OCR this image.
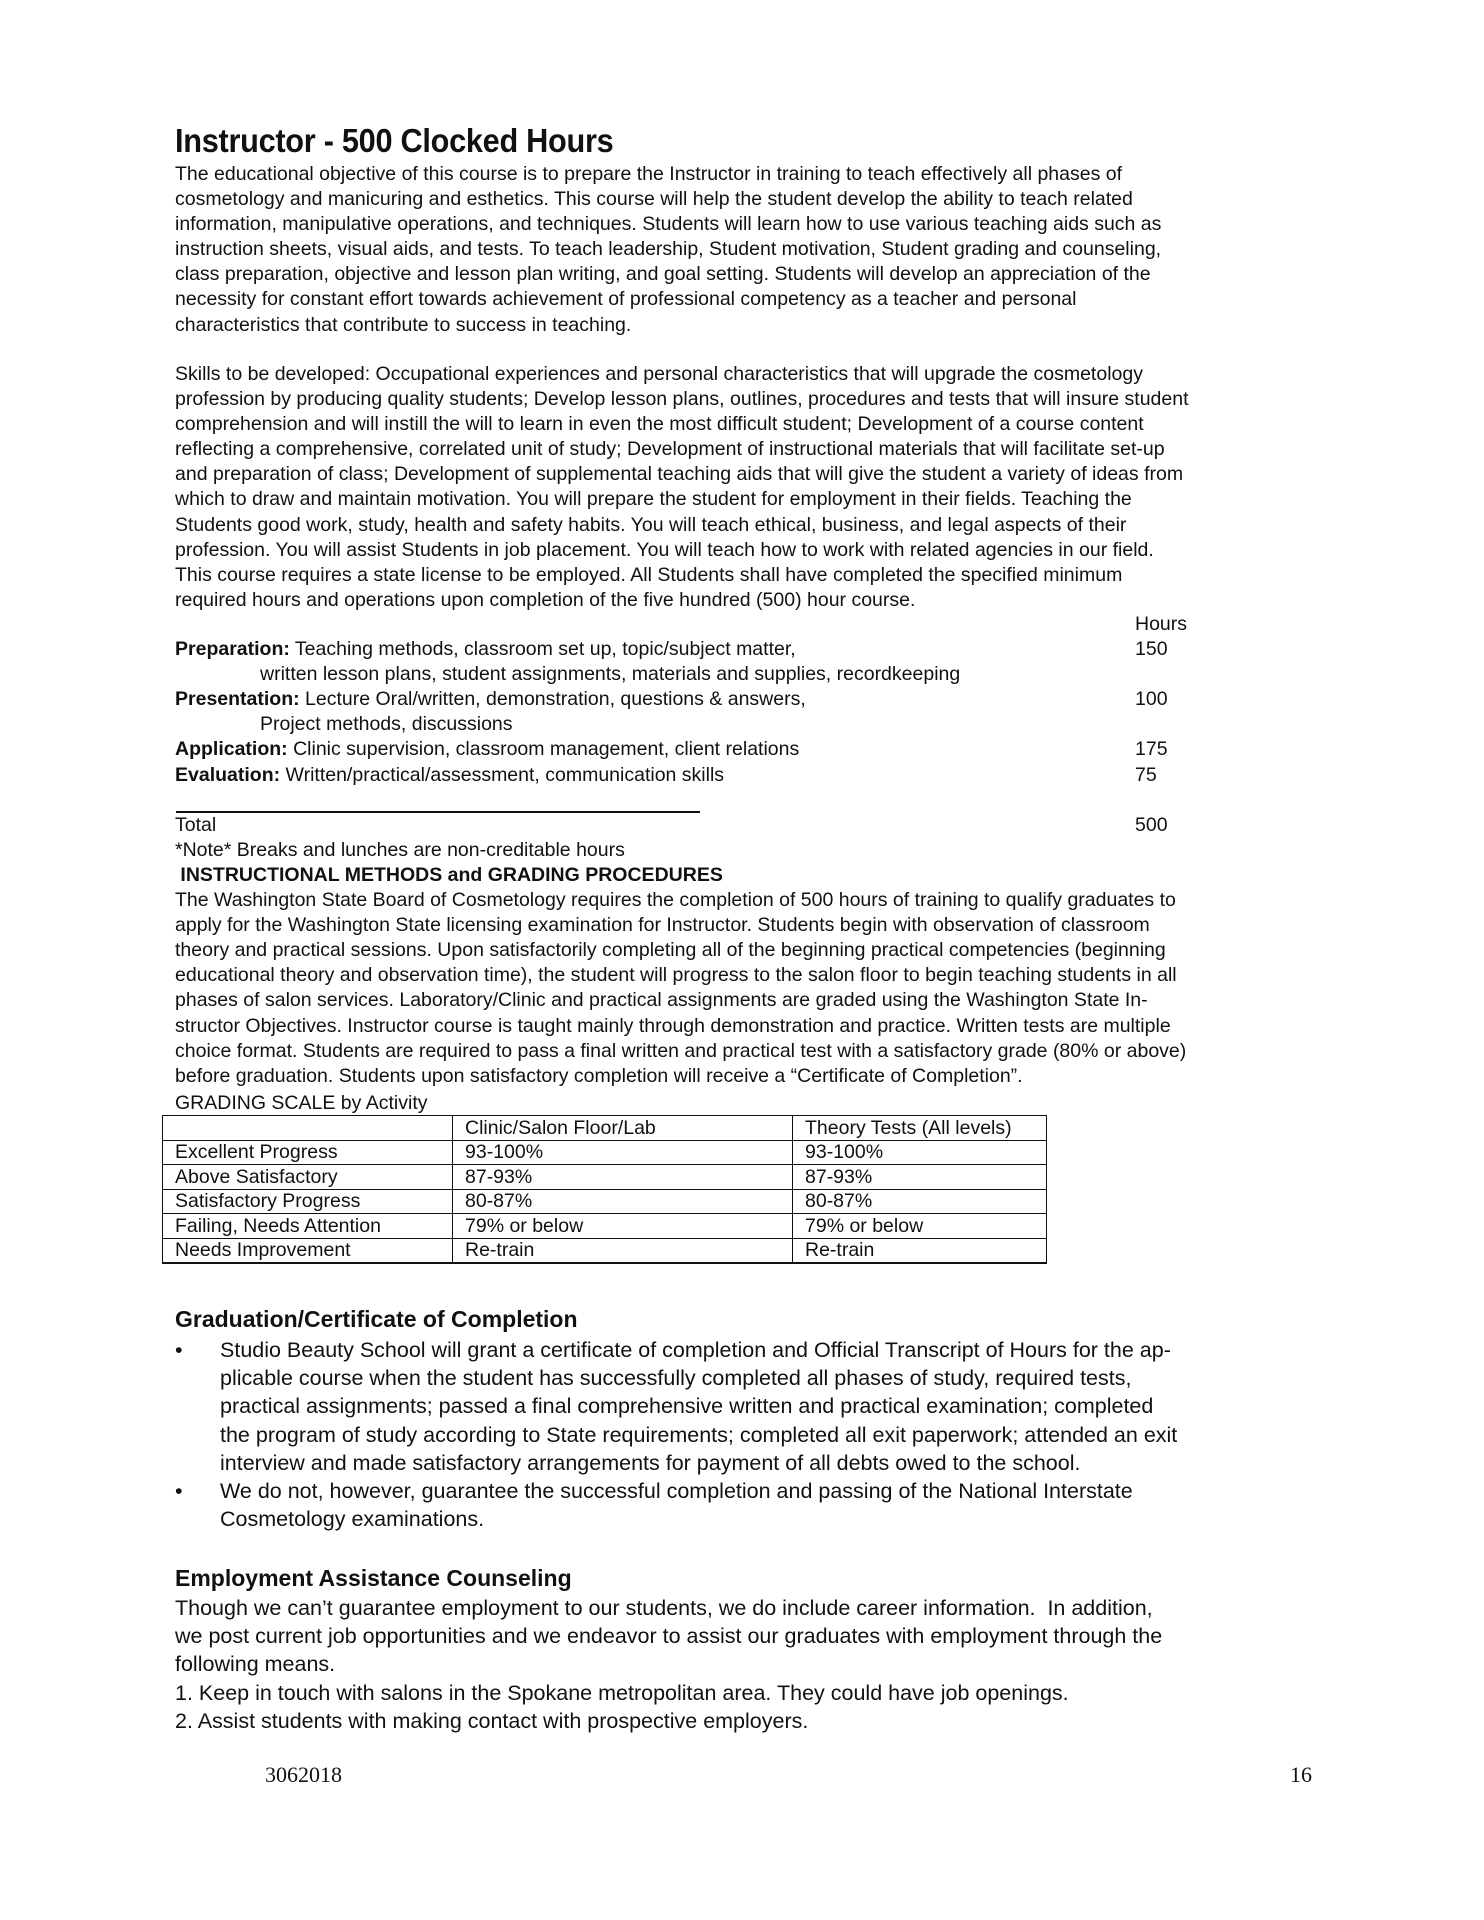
Instructor - 500 Clocked Hours
The educational objective of this course is to prepare the Instructor in training to teach effectively all phases of
cosmetology and manicuring and esthetics. This course will help the student develop the ability to teach related
information, manipulative operations, and techniques. Students will learn how to use various teaching aids such as
instruction sheets, visual aids, and tests. To teach leadership, Student motivation, Student grading and counseling,
class preparation, objective and lesson plan writing, and goal setting. Students will develop an appreciation of the
necessity for constant effort towards achievement of professional competency as a teacher and personal
characteristics that contribute to success in teaching.
Skills to be developed: Occupational experiences and personal characteristics that will upgrade the cosmetology
profession by producing quality students; Develop lesson plans, outlines, procedures and tests that will insure student
comprehension and will instill the will to learn in even the most difficult student; Development of a course content
reflecting a comprehensive, correlated unit of study; Development of instructional materials that will facilitate set-up
and preparation of class; Development of supplemental teaching aids that will give the student a variety of ideas from
which to draw and maintain motivation. You will prepare the student for employment in their fields. Teaching the
Students good work, study, health and safety habits. You will teach ethical, business, and legal aspects of their
profession. You will assist Students in job placement. You will teach how to work with related agencies in our field.
This course requires a state license to be employed. All Students shall have completed the specified minimum
required hours and operations upon completion of the five hundred (500) hour course.
Hours
Preparation: Teaching methods, classroom set up, topic/subject matter,	150
written lesson plans, student assignments, materials and supplies, recordkeeping
Presentation: Lecture Oral/written, demonstration, questions & answers,	100
Project methods, discussions
Application: Clinic supervision, classroom management, client relations	175
Evaluation: Written/practical/assessment, communication skills	75
Total	500
*Note* Breaks and lunches are non-creditable hours
INSTRUCTIONAL METHODS and GRADING PROCEDURES
The Washington State Board of Cosmetology requires the completion of 500 hours of training to qualify graduates to
apply for the Washington State licensing examination for Instructor. Students begin with observation of classroom
theory and practical sessions. Upon satisfactorily completing all of the beginning practical competencies (beginning
educational theory and observation time), the student will progress to the salon floor to begin teaching students in all
phases of salon services. Laboratory/Clinic and practical assignments are graded using the Washington State In-
structor Objectives. Instructor course is taught mainly through demonstration and practice. Written tests are multiple
choice format. Students are required to pass a final written and practical test with a satisfactory grade (80% or above)
before graduation. Students upon satisfactory completion will receive a “Certificate of Completion”.
GRADING SCALE by Activity
	Clinic/Salon Floor/Lab	Theory Tests (All levels)
Excellent Progress	93-100%	93-100%
Above Satisfactory	87-93%	87-93%
Satisfactory Progress	80-87%	80-87%
Failing, Needs Attention	79% or below	79% or below
Needs Improvement	Re-train	Re-train
Graduation/Certificate of Completion
• Studio Beauty School will grant a certificate of completion and Official Transcript of Hours for the ap-
plicable course when the student has successfully completed all phases of study, required tests,
practical assignments; passed a final comprehensive written and practical examination; completed
the program of study according to State requirements; completed all exit paperwork; attended an exit
interview and made satisfactory arrangements for payment of all debts owed to the school.
• We do not, however, guarantee the successful completion and passing of the National Interstate
Cosmetology examinations.
Employment Assistance Counseling
Though we can’t guarantee employment to our students, we do include career information.  In addition,
we post current job opportunities and we endeavor to assist our graduates with employment through the
following means.
1. Keep in touch with salons in the Spokane metropolitan area. They could have job openings.
2. Assist students with making contact with prospective employers.
3062018	16
